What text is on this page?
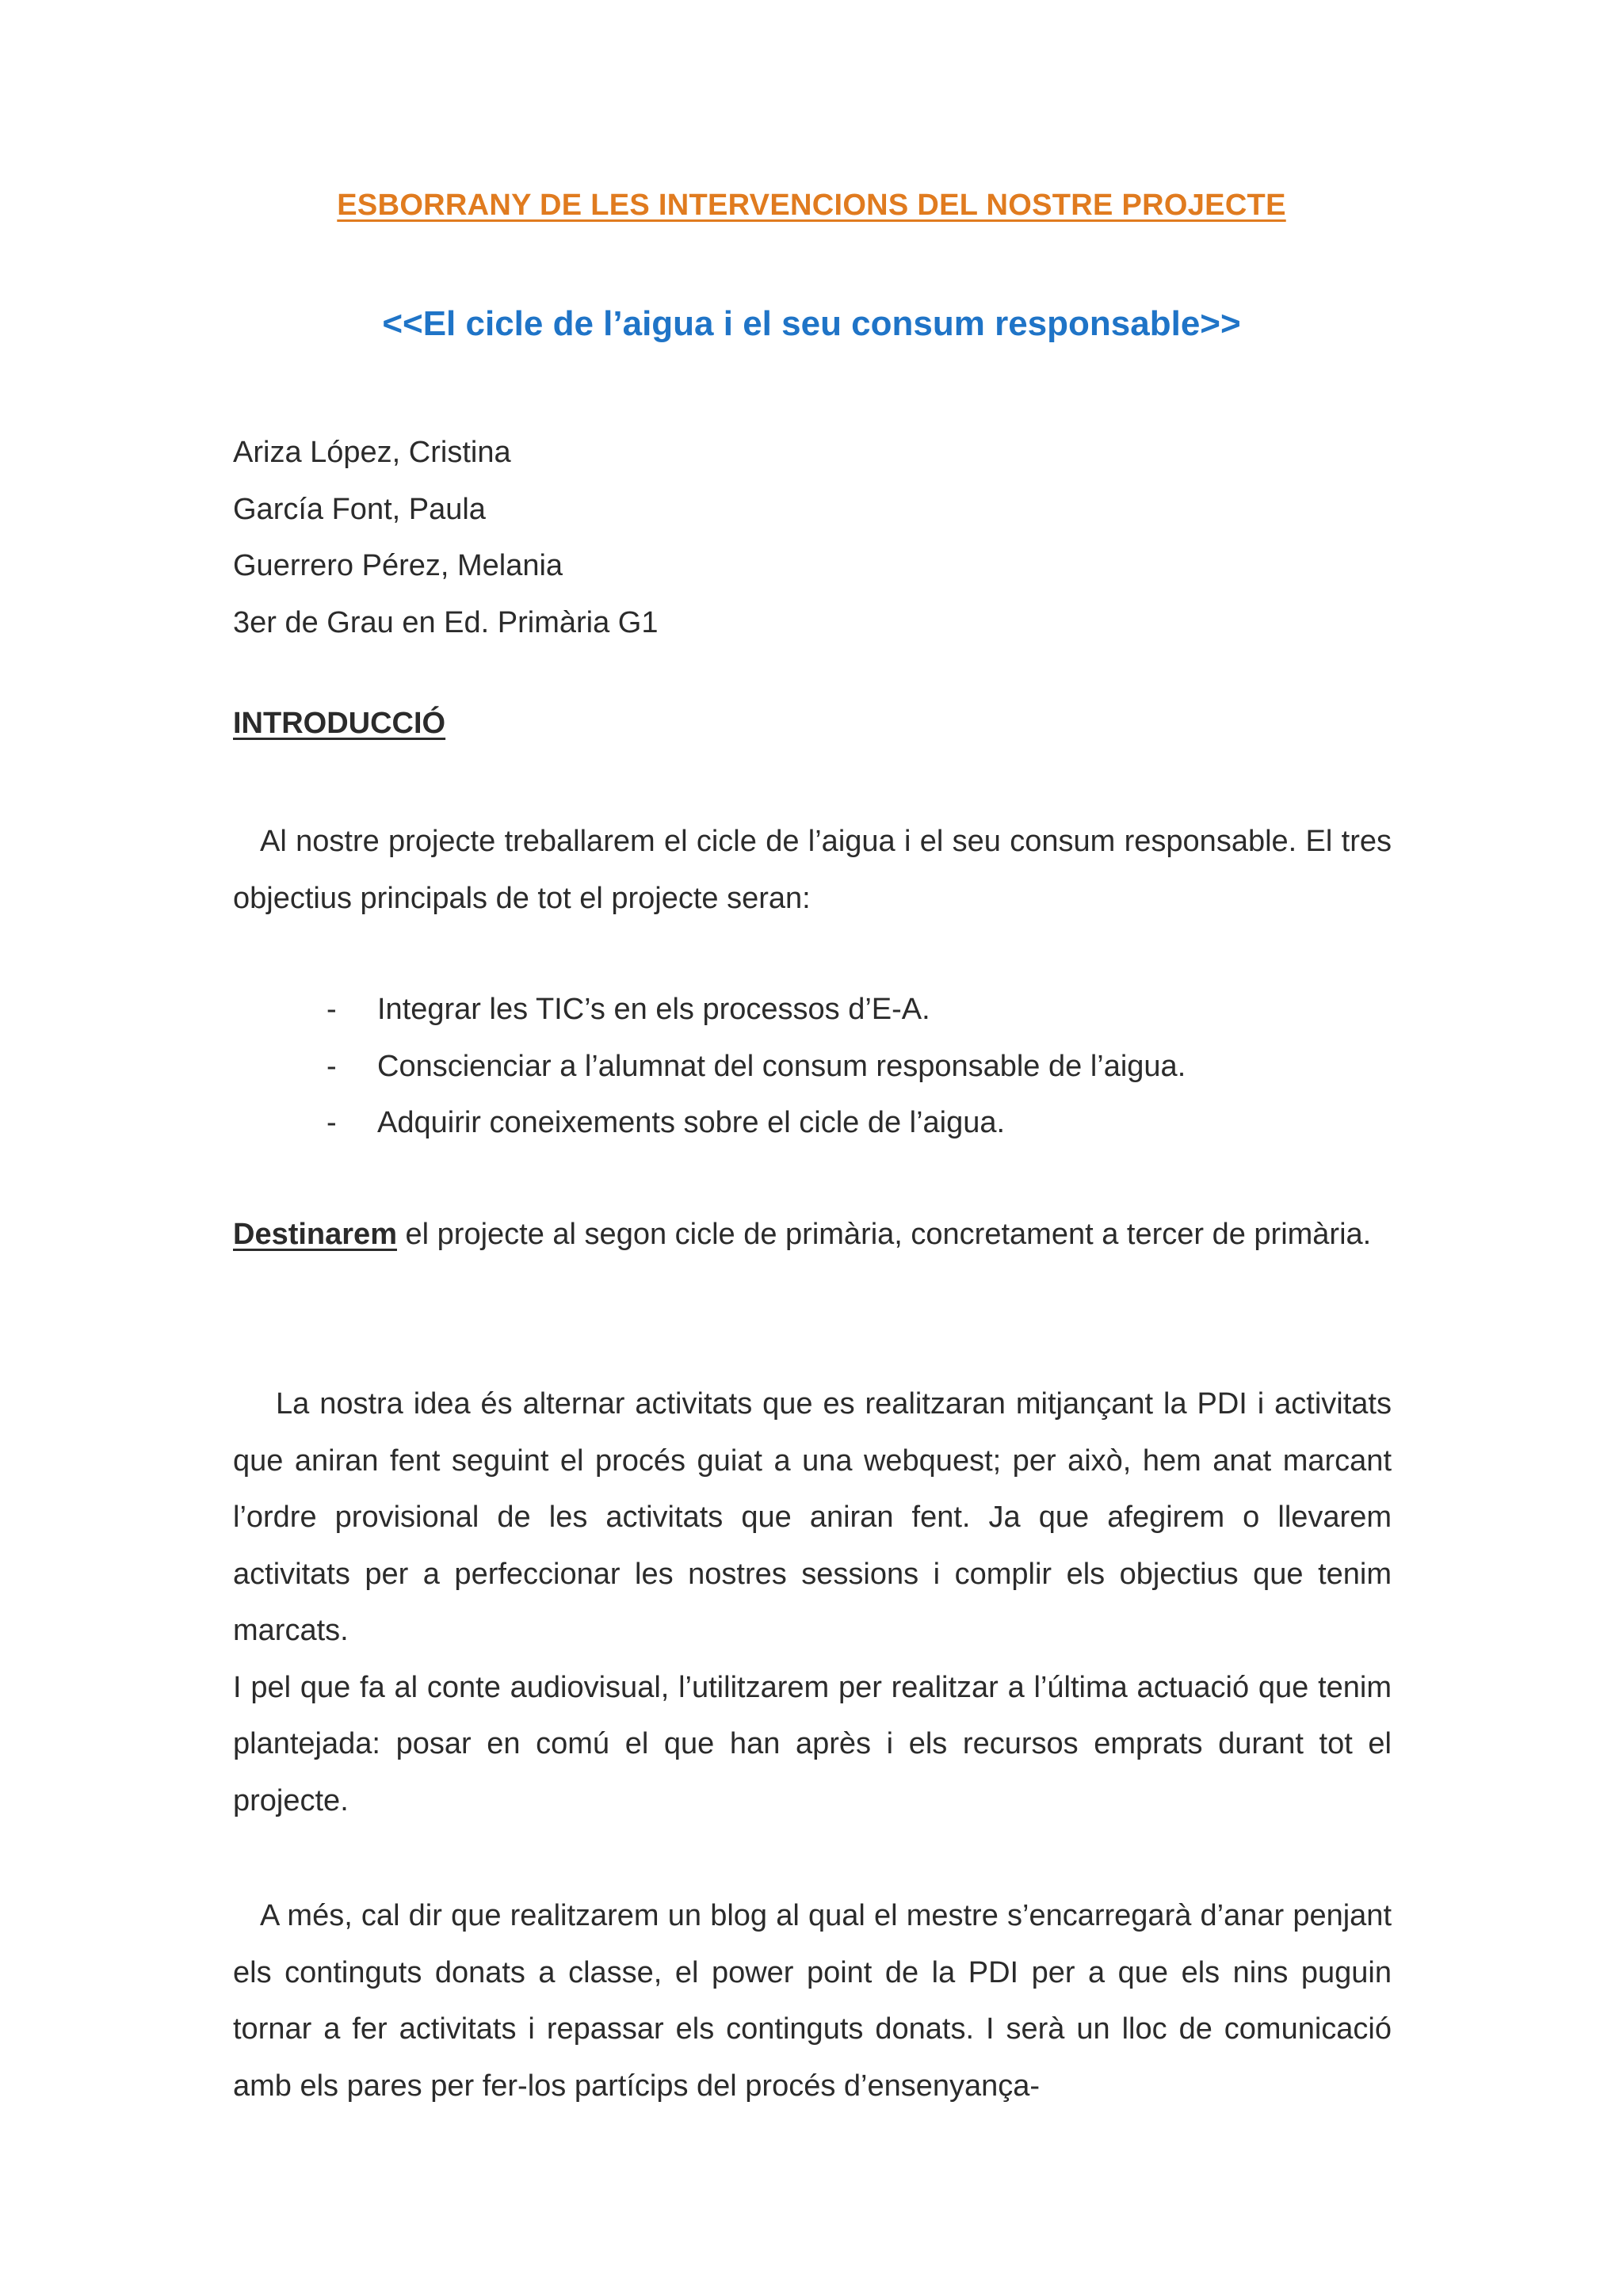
ESBORRANY DE LES INTERVENCIONS DEL NOSTRE PROJECTE
<<El cicle de l’aigua i el seu consum responsable>>
Ariza López, Cristina
García Font, Paula
Guerrero Pérez, Melania
3er de Grau en Ed. Primària G1
INTRODUCCIÓ

Al nostre projecte treballarem el cicle de l’aigua i el seu consum responsable. El tres objectius principals de tot el projecte seran:

- Integrar les TIC’s en els processos d’E-A.
- Conscienciar a l’alumnat del consum responsable de l’aigua.
- Adquirir coneixements sobre el cicle de l’aigua.

Destinarem el projecte al segon cicle de primària, concretament a tercer de primària.

La nostra idea és alternar activitats que es realitzaran mitjançant la PDI i activitats que aniran fent seguint el procés guiat a una webquest; per això, hem anat marcant l’ordre provisional de les activitats que aniran fent. Ja que afegirem o llevarem activitats per a perfeccionar les nostres sessions i complir els objectius que tenim marcats.
I pel que fa al conte audiovisual, l’utilitzarem per realitzar a l’última actuació que tenim plantejada: posar en comú el que han après i els recursos emprats durant tot el projecte.
A més, cal dir que realitzarem un blog al qual el mestre s’encarregarà d’anar penjant els continguts donats a classe, el power point de la PDI per a que els nins puguin tornar a fer activitats i repassar els continguts donats. I serà un lloc de comunicació amb els pares per fer-los partícips del procés d’ensenyança-
